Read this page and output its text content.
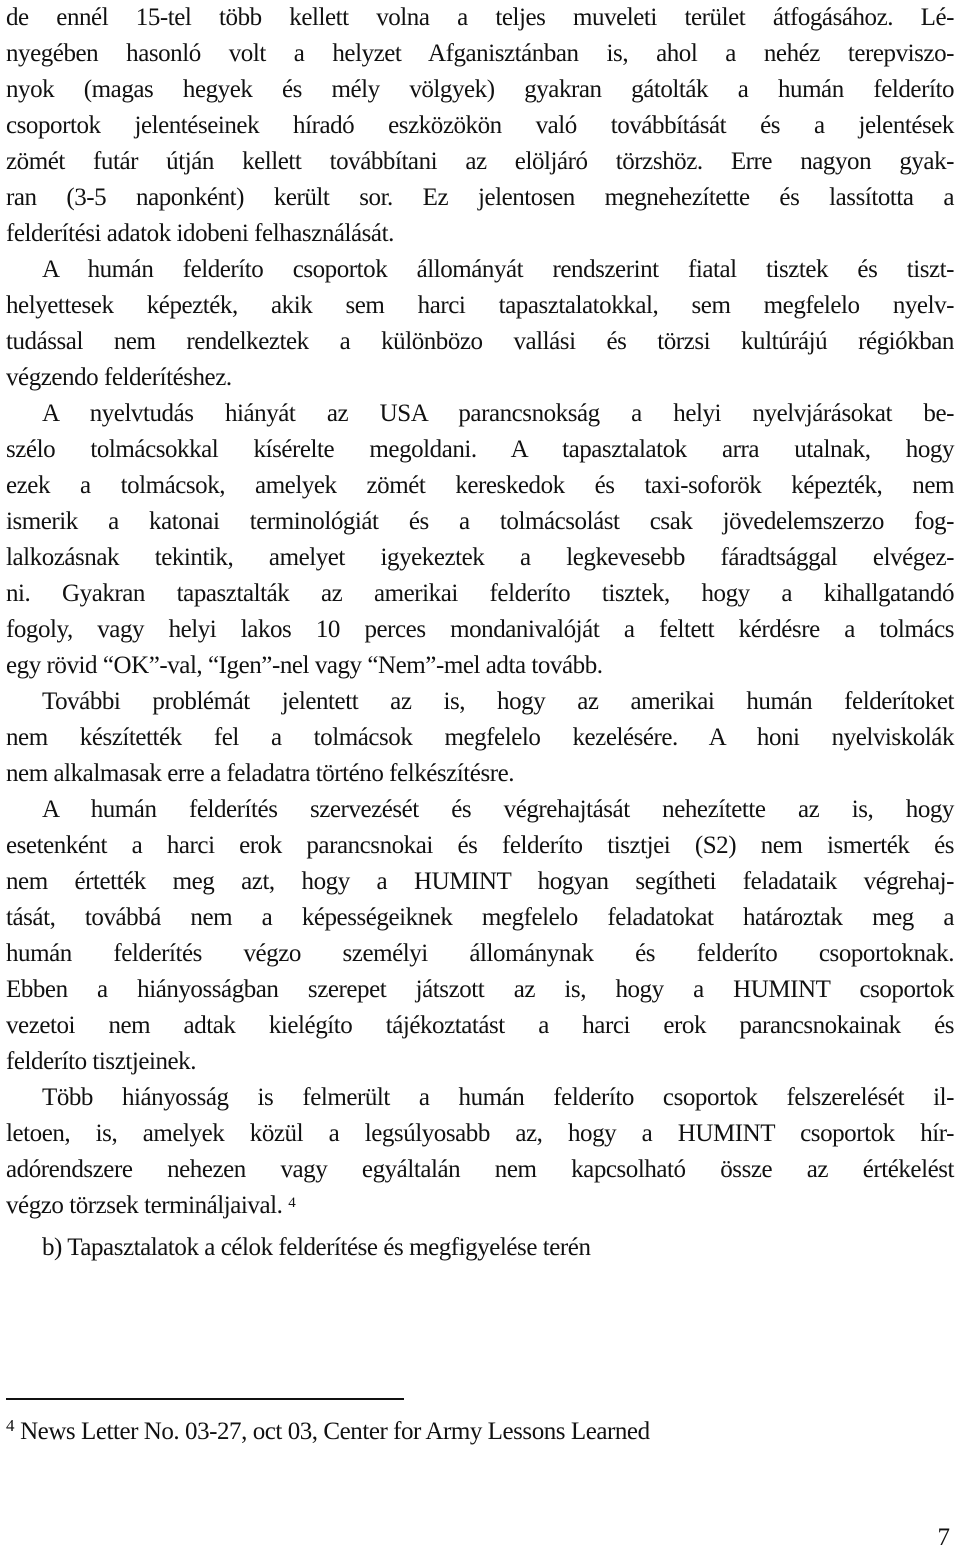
de ennél 15-tel több kellett volna a teljes muveleti terület átfogásához. Lé-
nyegében hasonló volt a helyzet Afganisztánban is, ahol a nehéz terepviszo-
nyok (magas hegyek és mély völgyek) gyakran gátolták a humán felderíto
csoportok jelentéseinek híradó eszközökön való továbbítását és a jelentések
zömét futár útján kellett továbbítani az elöljáró törzshöz. Erre nagyon gyak-
ran (3-5 naponként) került sor. Ez jelentosen megnehezítette és lassította a
felderítési adatok idobeni felhasználását.
A humán felderíto csoportok állományát rendszerint fiatal tisztek és tiszt-
helyettesek képezték, akik sem harci tapasztalatokkal, sem megfelelo nyelv-
tudással nem rendelkeztek a különbözo vallási és törzsi kultúrájú régiókban
végzendo felderítéshez.
A nyelvtudás hiányát az USA parancsnokság a helyi nyelvjárásokat be-
szélo tolmácsokkal kísérelte megoldani. A tapasztalatok arra utalnak, hogy
ezek a tolmácsok, amelyek zömét kereskedok és taxi-soforök képezték, nem
ismerik a katonai terminológiát és a tolmácsolást csak jövedelemszerzo fog-
lalkozásnak tekintik, amelyet igyekeztek a legkevesebb fáradtsággal elvégez-
ni. Gyakran tapasztalták az amerikai felderíto tisztek, hogy a kihallgatandó
fogoly, vagy helyi lakos 10 perces mondanivalóját a feltett kérdésre a tolmács
egy rövid “OK”-val, “Igen”-nel vagy “Nem”-mel adta tovább.
További problémát jelentett az is, hogy az amerikai humán felderítoket
nem készítették fel a tolmácsok megfelelo kezelésére. A honi nyelviskolák
nem alkalmasak erre a feladatra történo felkészítésre.
A humán felderítés szervezését és végrehajtását nehezítette az is, hogy
esetenként a harci erok parancsnokai és felderíto tisztjei (S2) nem ismerték és
nem értették meg azt, hogy a HUMINT hogyan segítheti feladataik végrehaj-
tását, továbbá nem a képességeiknek megfelelo feladatokat határoztak meg a
humán felderítés végzo személyi állománynak és felderíto csoportoknak.
Ebben a hiányosságban szerepet játszott az is, hogy a HUMINT csoportok
vezetoi nem adtak kielégíto tájékoztatást a harci erok parancsnokainak és
felderíto tisztjeinek.
Több hiányosság is felmerült a humán felderíto csoportok felszerelését il-
letoen, is, amelyek közül a legsúlyosabb az, hogy a HUMINT csoportok hír-
adórendszere nehezen vagy egyáltalán nem kapcsolható össze az értékelést
végzo törzsek termináljaival. $^4$
b) Tapasztalatok a célok felderítése és megfigyelése terén
$^4$ News Letter No. 03-27, oct 03, Center for Army Lessons Learned
7
